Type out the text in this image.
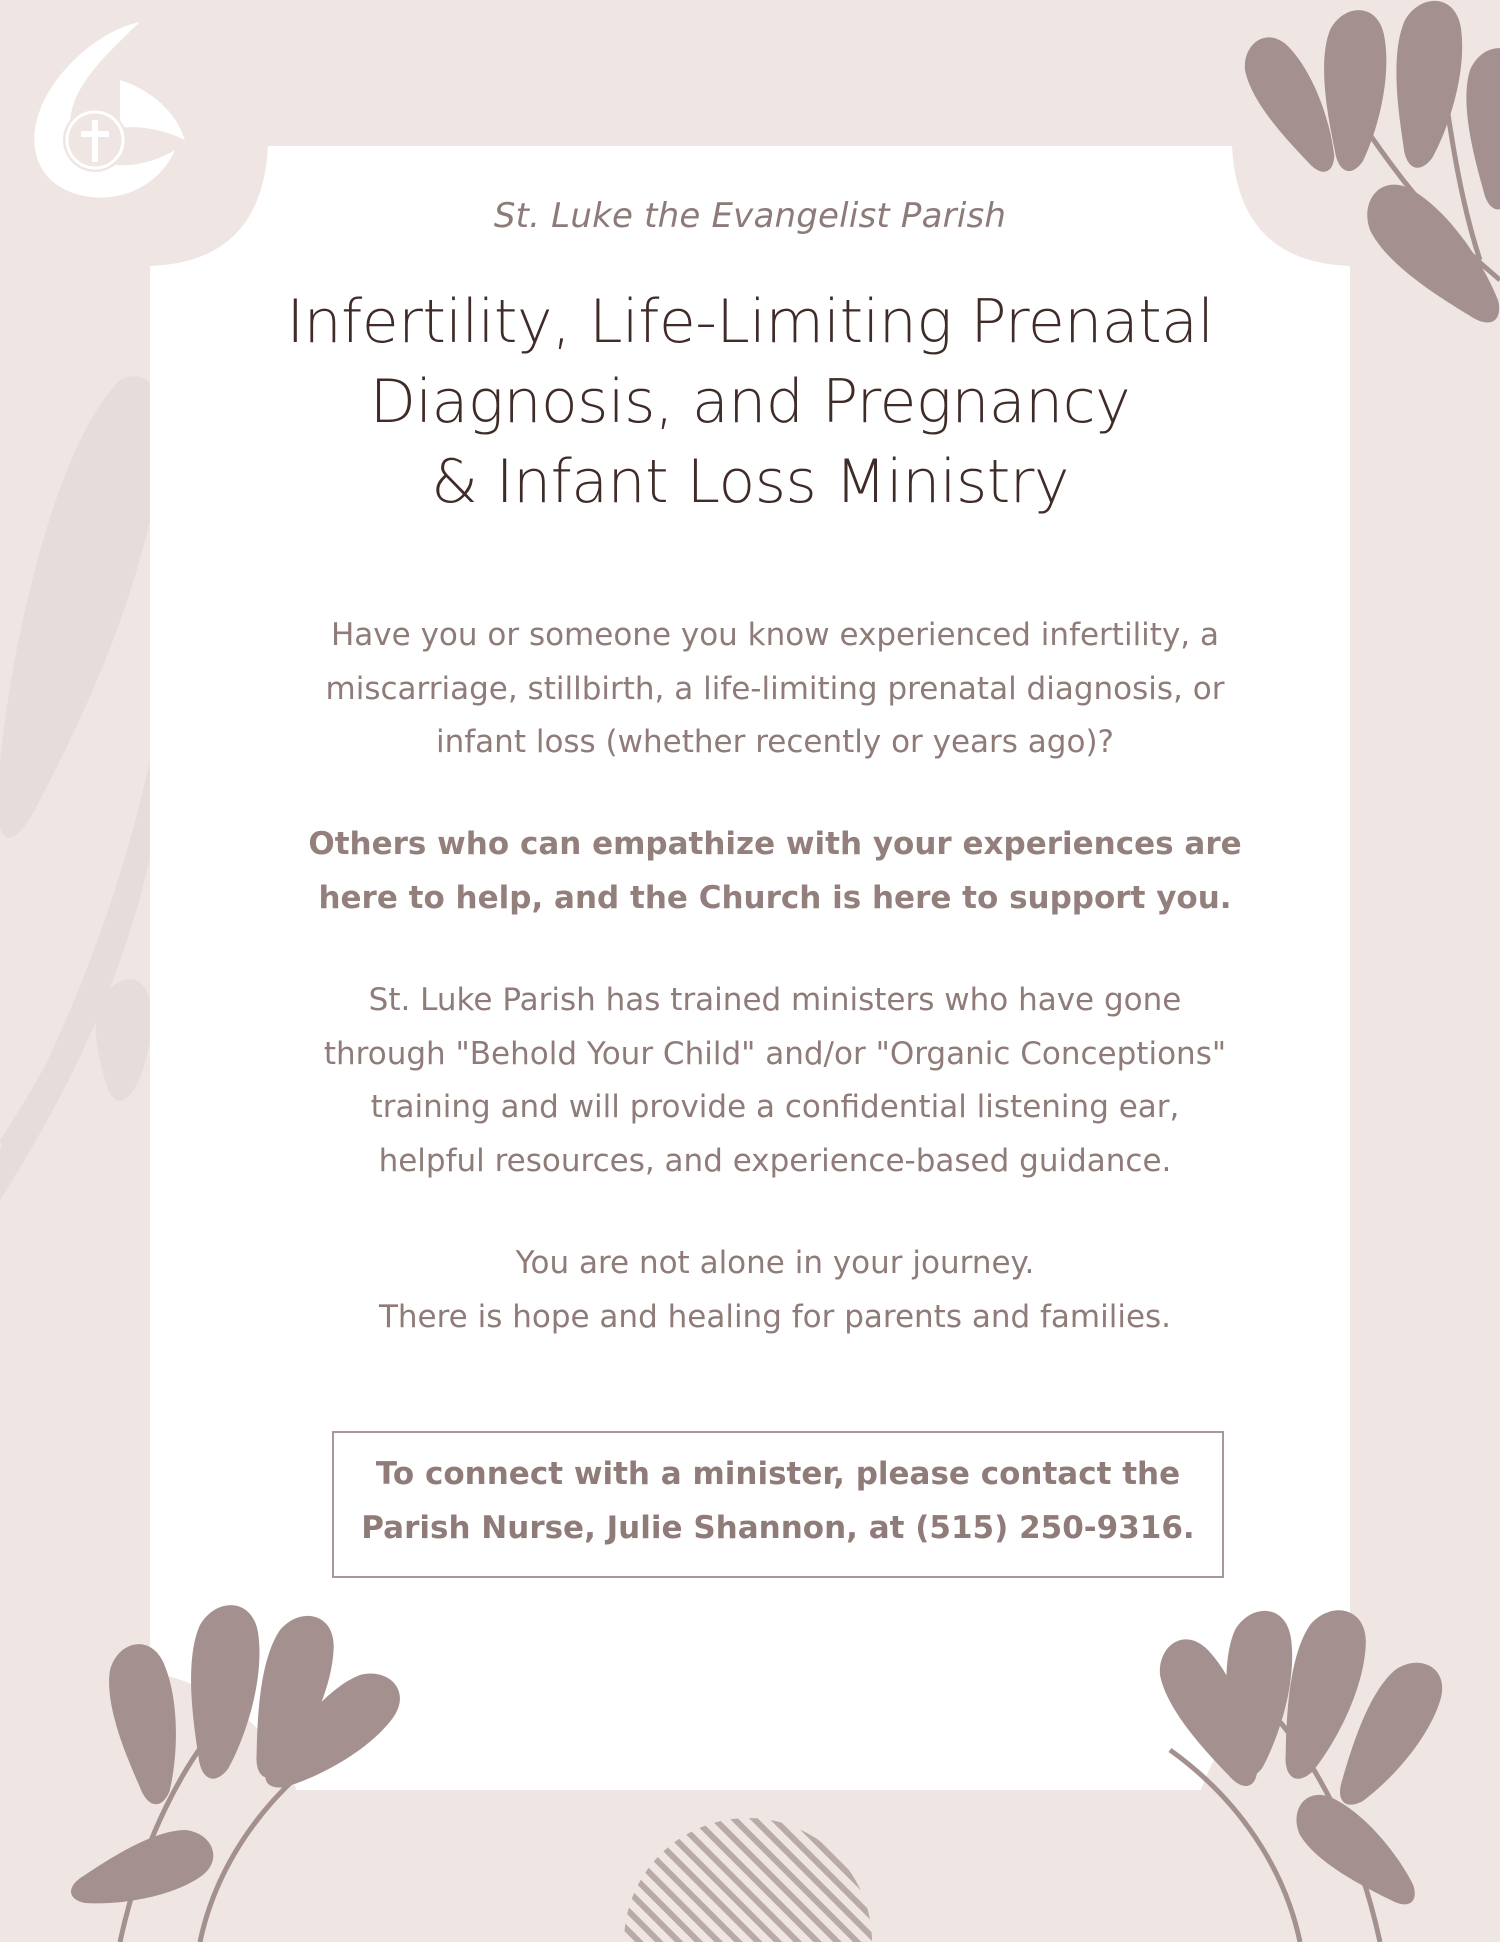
St. Luke the Evangelist Parish
Infertility, Life-Limiting Prenatal
Diagnosis, and Pregnancy
& Infant Loss Ministry
Have you or someone you know experienced infertility, a
miscarriage, stillbirth, a life-limiting prenatal diagnosis, or
infant loss (whether recently or years ago)?
Others who can empathize with your experiences are
here to help, and the Church is here to support you.
St. Luke Parish has trained ministers who have gone
through "Behold Your Child" and/or "Organic Conceptions"
training and will provide a confidential listening ear,
helpful resources, and experience-based guidance.
You are not alone in your journey.
There is hope and healing for parents and families.
To connect with a minister, please contact the
Parish Nurse, Julie Shannon, at (515) 250-9316.
